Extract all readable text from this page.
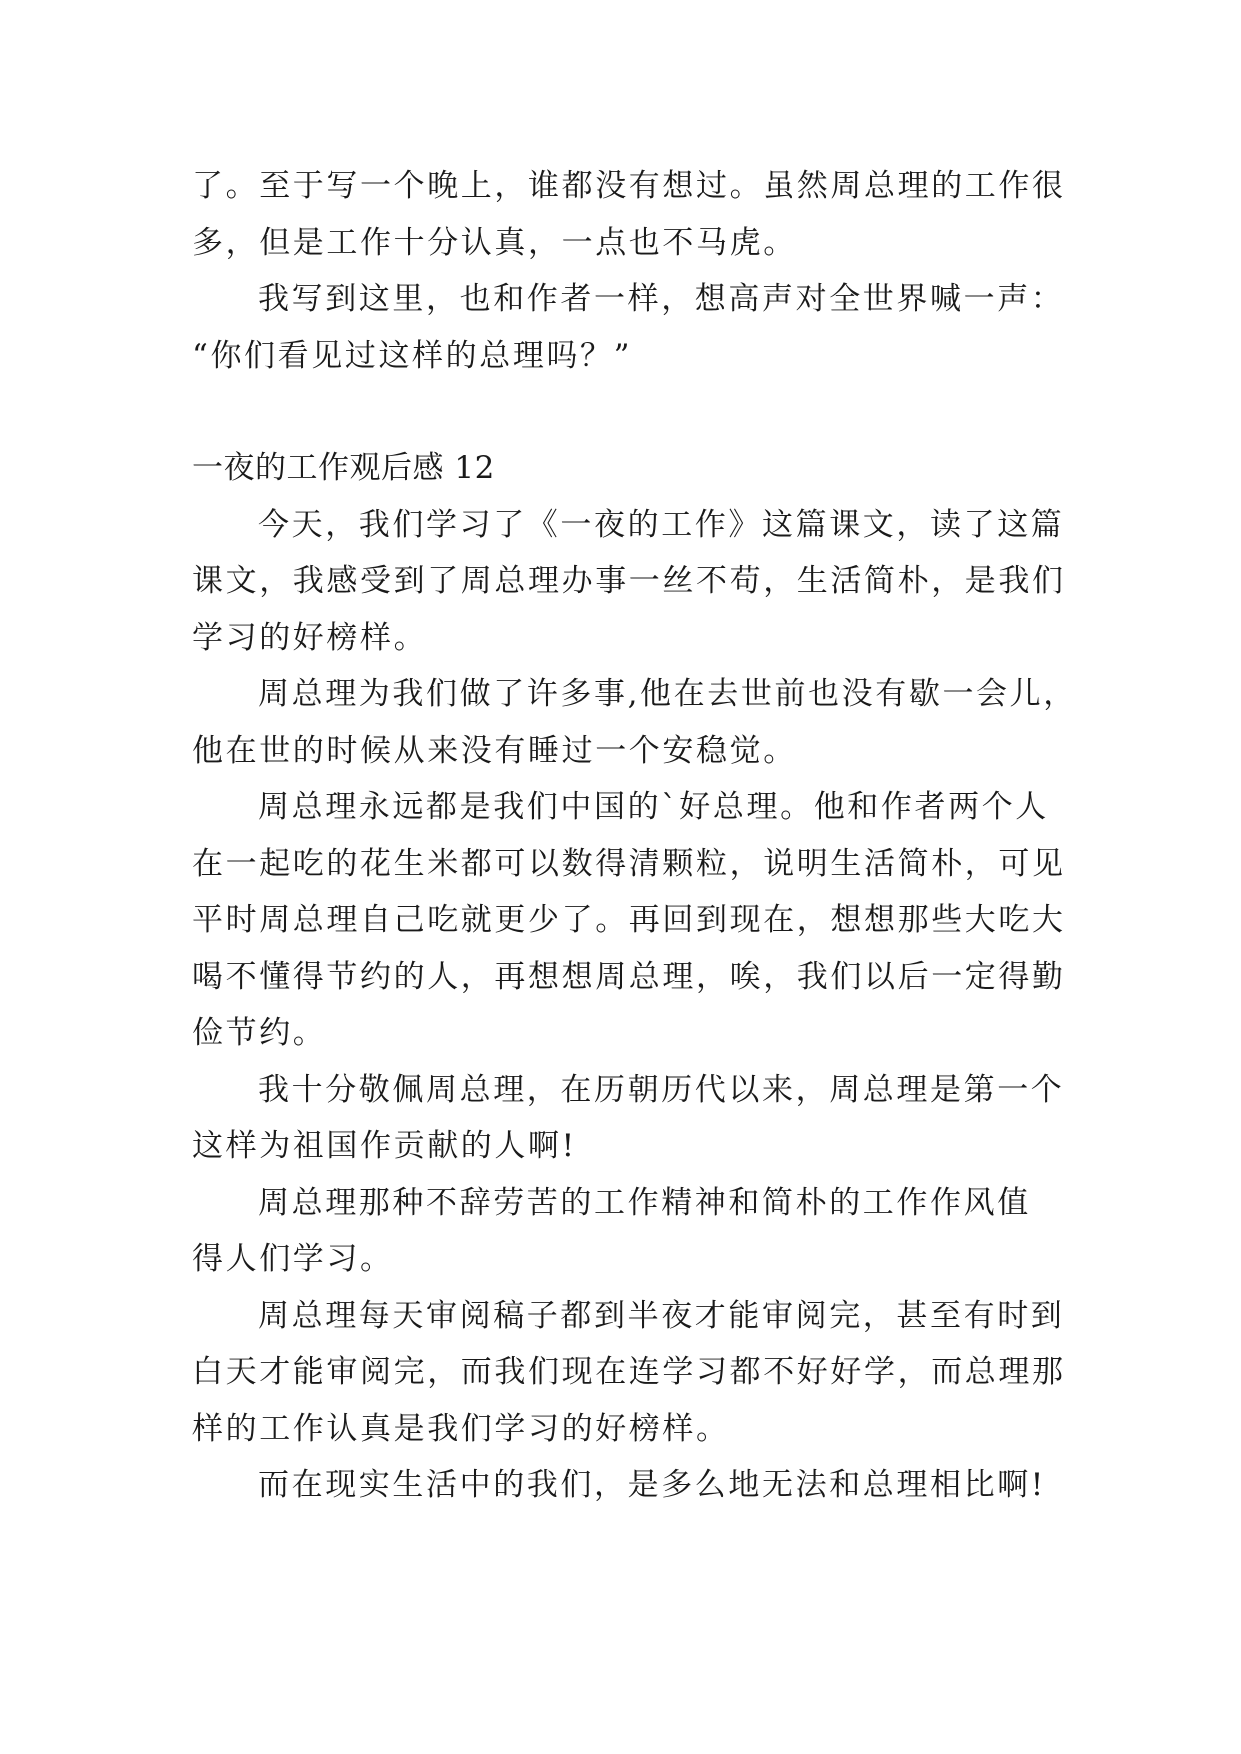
了。至于写一个晚上，谁都没有想过。虽然周总理的工作很

多，但是工作十分认真，一点也不马虎。

我写到这里，也和作者一样，想高声对全世界喊一声：

“你们看见过这样的总理吗？”

一夜的工作观后感 12

今天，我们学习了《一夜的工作》这篇课文，读了这篇

课文，我感受到了周总理办事一丝不苟，生活简朴，是我们

学习的好榜样。

周总理为我们做了许多事,他在去世前也没有歇一会儿，

他在世的时候从来没有睡过一个安稳觉。

周总理永远都是我们中国的`好总理。他和作者两个人

在一起吃的花生米都可以数得清颗粒，说明生活简朴，可见

平时周总理自己吃就更少了。再回到现在，想想那些大吃大

喝不懂得节约的人，再想想周总理，唉，我们以后一定得勤

俭节约。

我十分敬佩周总理，在历朝历代以来，周总理是第一个

这样为祖国作贡献的人啊!

周总理那种不辞劳苦的工作精神和简朴的工作作风值

得人们学习。

周总理每天审阅稿子都到半夜才能审阅完，甚至有时到

白天才能审阅完，而我们现在连学习都不好好学，而总理那

样的工作认真是我们学习的好榜样。

而在现实生活中的我们，是多么地无法和总理相比啊!
